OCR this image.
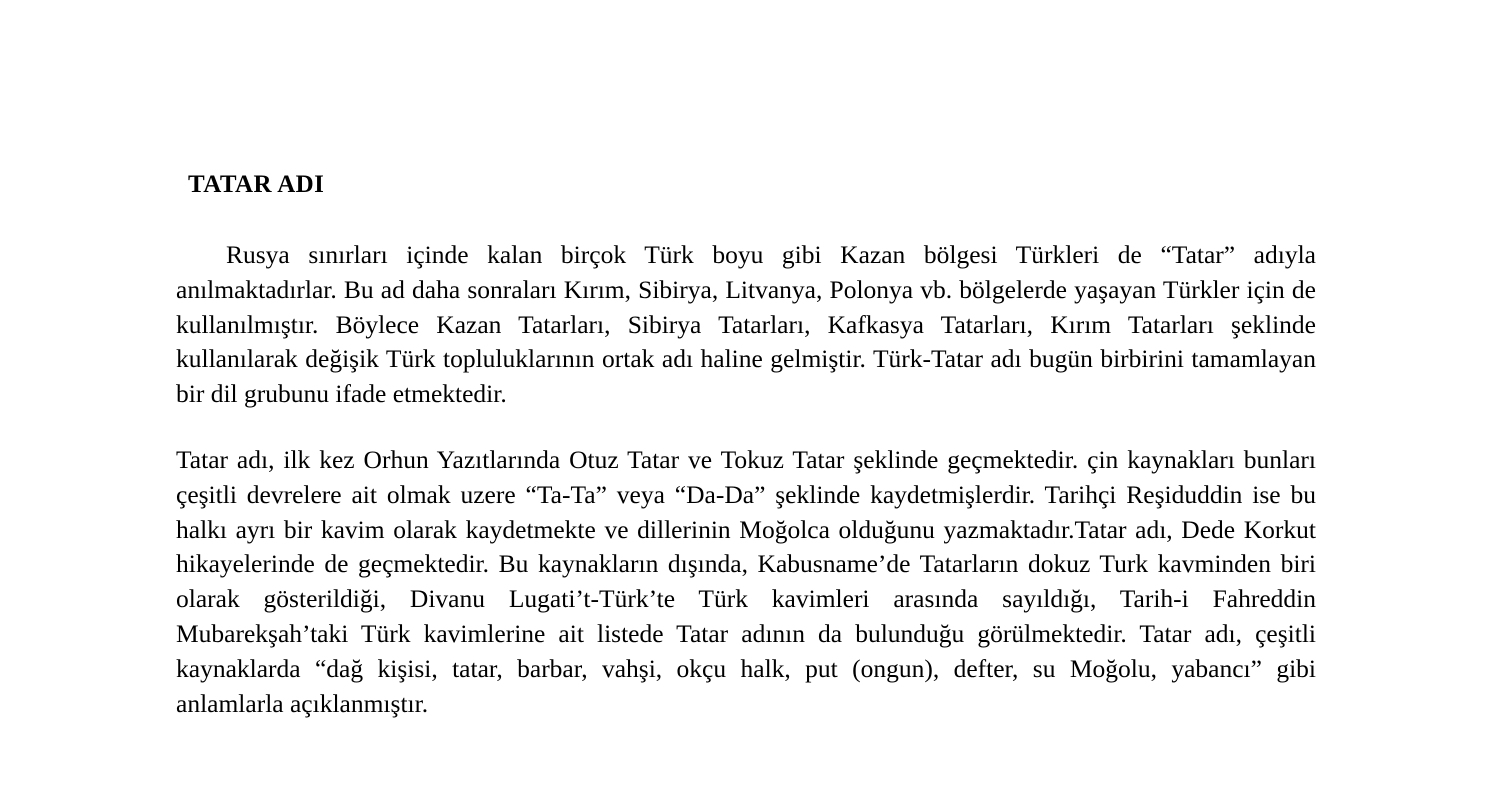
TATAR ADI

Rusya sınırları içinde kalan birçok Türk boyu gibi Kazan bölgesi Türkleri de “Tatar” adıyla anılmaktadırlar. Bu ad daha sonraları Kırım, Sibirya, Litvanya, Polonya vb. bölgelerde yaşayan Türkler için de kullanılmıştır. Böylece Kazan Tatarları, Sibirya Tatarları, Kafkasya Tatarları, Kırım Tatarları şeklinde kullanılarak değişik Türk topluluklarının ortak adı haline gelmiştir. Türk-Tatar adı bugün birbirini tamamlayan bir dil grubunu ifade etmektedir.

Tatar adı, ilk kez Orhun Yazıtlarında Otuz Tatar ve Tokuz Tatar şeklinde geçmektedir. çin kaynakları bunları çeşitli devrelere ait olmak uzere “Ta-Ta” veya “Da-Da” şeklinde kaydetmişlerdir. Tarihçi Reşiduddin ise bu halkı ayrı bir kavim olarak kaydetmekte ve dillerinin Moğolca olduğunu yazmaktadır.Tatar adı, Dede Korkut hikayelerinde de geçmektedir. Bu kaynakların dışında, Kabusname’de Tatarların dokuz Turk kavminden biri olarak gösterildiği, Divanu Lugati’t-Türk’te Türk kavimleri arasında sayıldığı, Tarih-i Fahreddin Mubarekşah’taki Türk kavimlerine ait listede Tatar adının da bulunduğu görülmektedir. Tatar adı, çeşitli kaynaklarda “dağ kişisi, tatar, barbar, vahşi, okçu halk, put (ongun), defter, su Moğolu, yabancı” gibi anlamlarla açıklanmıştır.
